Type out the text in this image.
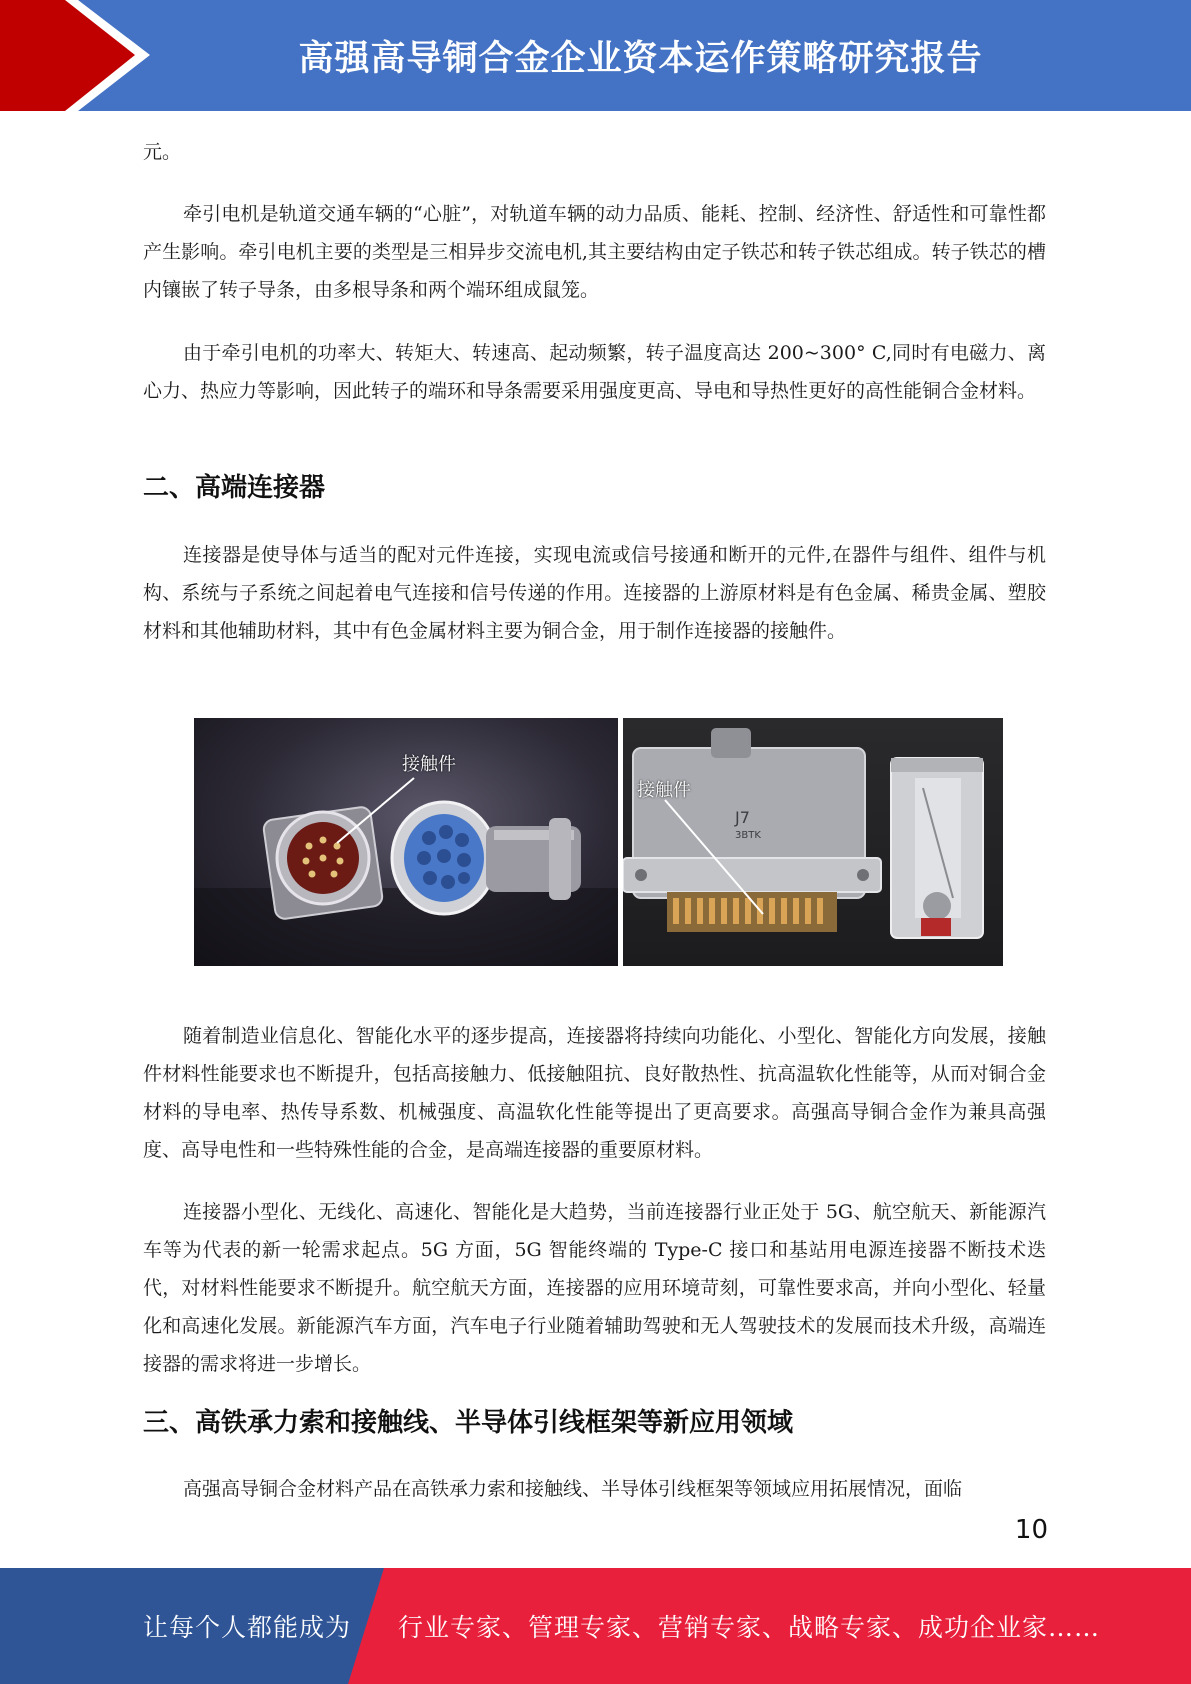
高强高导铜合金企业资本运作策略研究报告

元。

牵引电机是轨道交通车辆的“心脏”，对轨道车辆的动力品质、能耗、控制、经济性、舒适性和可靠性都产生影响。牵引电机主要的类型是三相异步交流电机,其主要结构由定子铁芯和转子铁芯组成。转子铁芯的槽内镶嵌了转子导条，由多根导条和两个端环组成鼠笼。

由于牵引电机的功率大、转矩大、转速高、起动频繁，转子温度高达 200~300° C,同时有电磁力、离心力、热应力等影响，因此转子的端环和导条需要采用强度更高、导电和导热性更好的高性能铜合金材料。

二、高端连接器

连接器是使导体与适当的配对元件连接，实现电流或信号接通和断开的元件,在器件与组件、组件与机构、系统与子系统之间起着电气连接和信号传递的作用。连接器的上游原材料是有色金属、稀贵金属、塑胶材料和其他辅助材料，其中有色金属材料主要为铜合金，用于制作连接器的接触件。

接触件
接触件
J7
3BTK

随着制造业信息化、智能化水平的逐步提高，连接器将持续向功能化、小型化、智能化方向发展，接触件材料性能要求也不断提升，包括高接触力、低接触阻抗、良好散热性、抗高温软化性能等，从而对铜合金材料的导电率、热传导系数、机械强度、高温软化性能等提出了更高要求。高强高导铜合金作为兼具高强度、高导电性和一些特殊性能的合金，是高端连接器的重要原材料。

连接器小型化、无线化、高速化、智能化是大趋势，当前连接器行业正处于 5G、航空航天、新能源汽车等为代表的新一轮需求起点。5G 方面，5G 智能终端的 Type-C 接口和基站用电源连接器不断技术迭代，对材料性能要求不断提升。航空航天方面，连接器的应用环境苛刻，可靠性要求高，并向小型化、轻量化和高速化发展。新能源汽车方面，汽车电子行业随着辅助驾驶和无人驾驶技术的发展而技术升级，高端连接器的需求将进一步增长。

三、高铁承力索和接触线、半导体引线框架等新应用领域

高强高导铜合金材料产品在高铁承力索和接触线、半导体引线框架等领域应用拓展情况，面临

10
让每个人都能成为 行业专家、管理专家、营销专家、战略专家、成功企业家……
